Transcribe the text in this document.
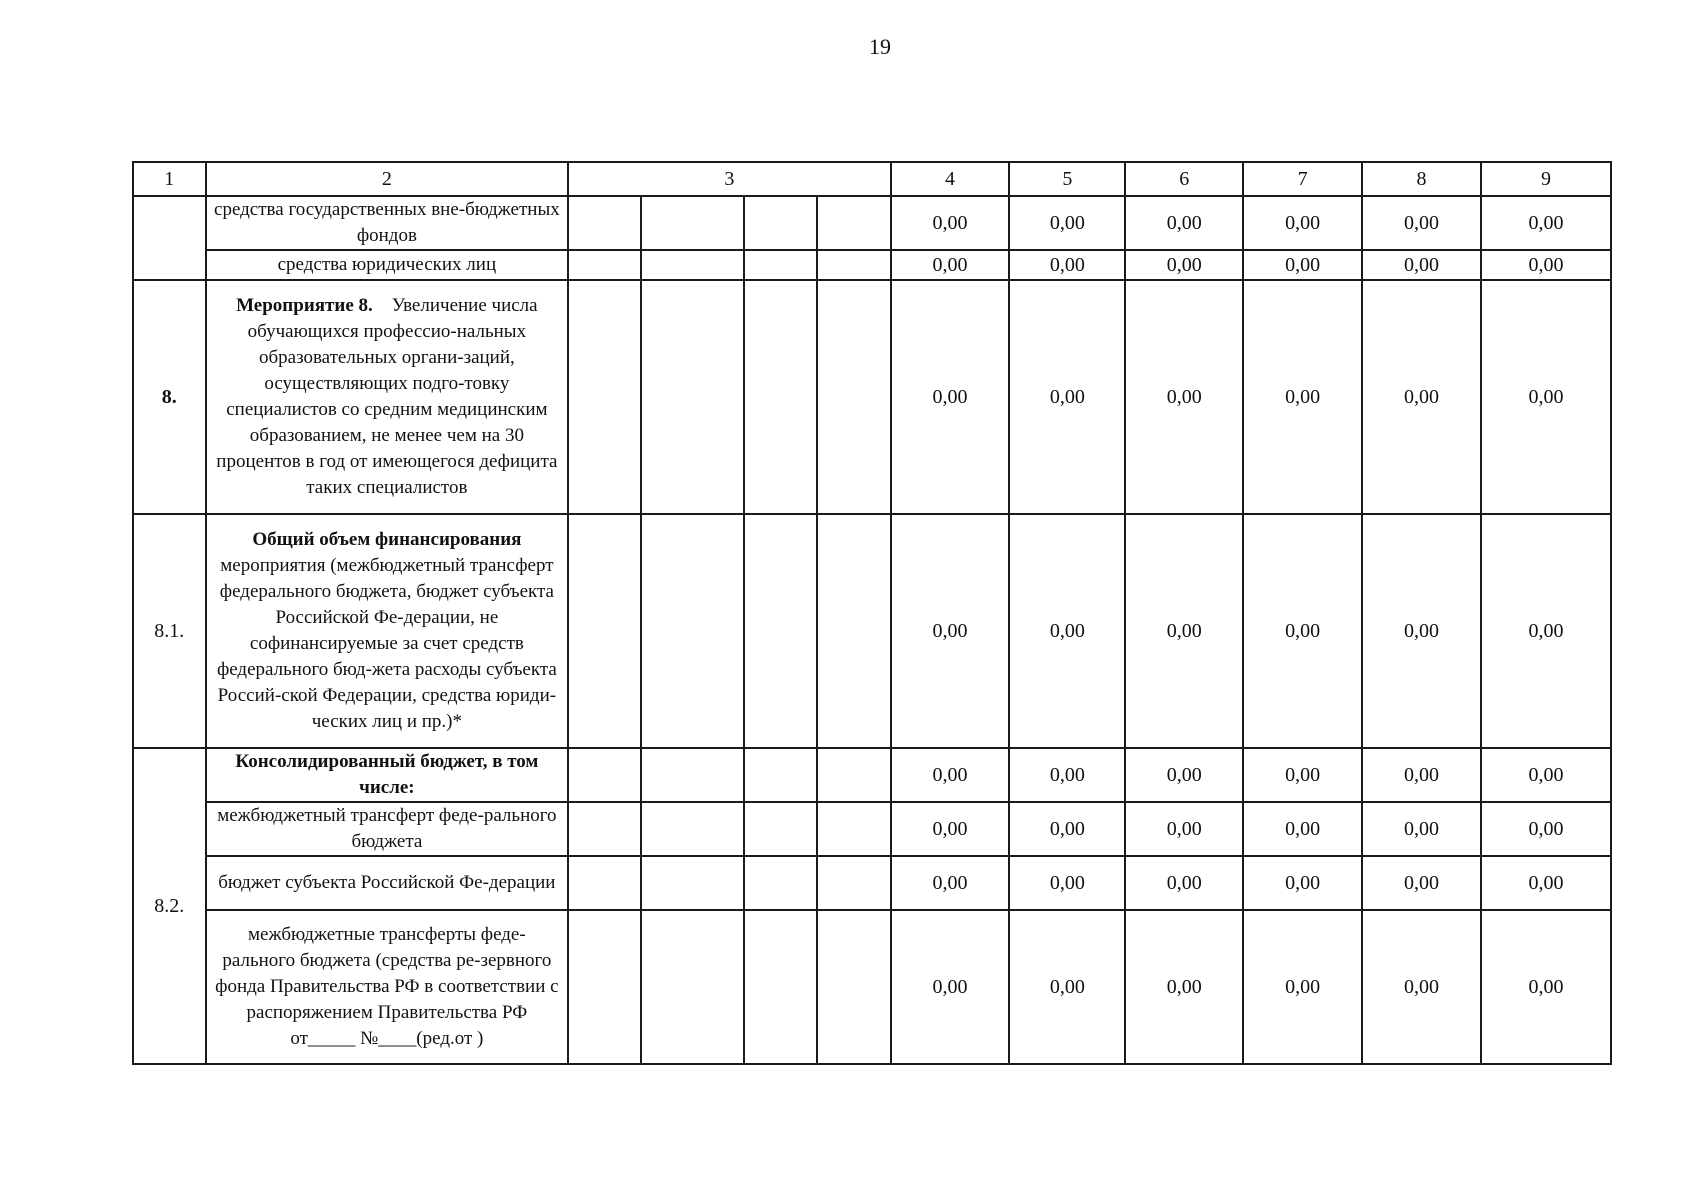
19
1	2	3				4	5	6	7	8	9
	средства государственных вне-бюджетных фондов					0,00	0,00	0,00	0,00	0,00	0,00
	средства юридических лиц					0,00	0,00	0,00	0,00	0,00	0,00
8.	Мероприятие 8. Увеличение числа обучающихся профессио-нальных образовательных органи-заций, осуществляющих подго-товку специалистов со средним медицинским образованием, не менее чем на 30 процентов в год от имеющегося дефицита таких специалистов					0,00	0,00	0,00	0,00	0,00	0,00
8.1.	Общий объем финансирования мероприятия (межбюджетный трансферт федерального бюджета, бюджет субъекта Российской Фе-дерации, не софинансируемые за счет средств федерального бюд-жета расходы субъекта Россий-ской Федерации, средства юриди-ческих лиц и пр.)*					0,00	0,00	0,00	0,00	0,00	0,00
8.2.	Консолидированный бюджет, в том числе:					0,00	0,00	0,00	0,00	0,00	0,00
	межбюджетный трансферт феде-рального бюджета					0,00	0,00	0,00	0,00	0,00	0,00
	бюджет субъекта Российской Фе-дерации					0,00	0,00	0,00	0,00	0,00	0,00
	межбюджетные трансферты феде-рального бюджета (средства ре-зервного фонда Правительства РФ в соответствии с распоряжением Правительства РФ от_____ №____(ред.от )					0,00	0,00	0,00	0,00	0,00	0,00
